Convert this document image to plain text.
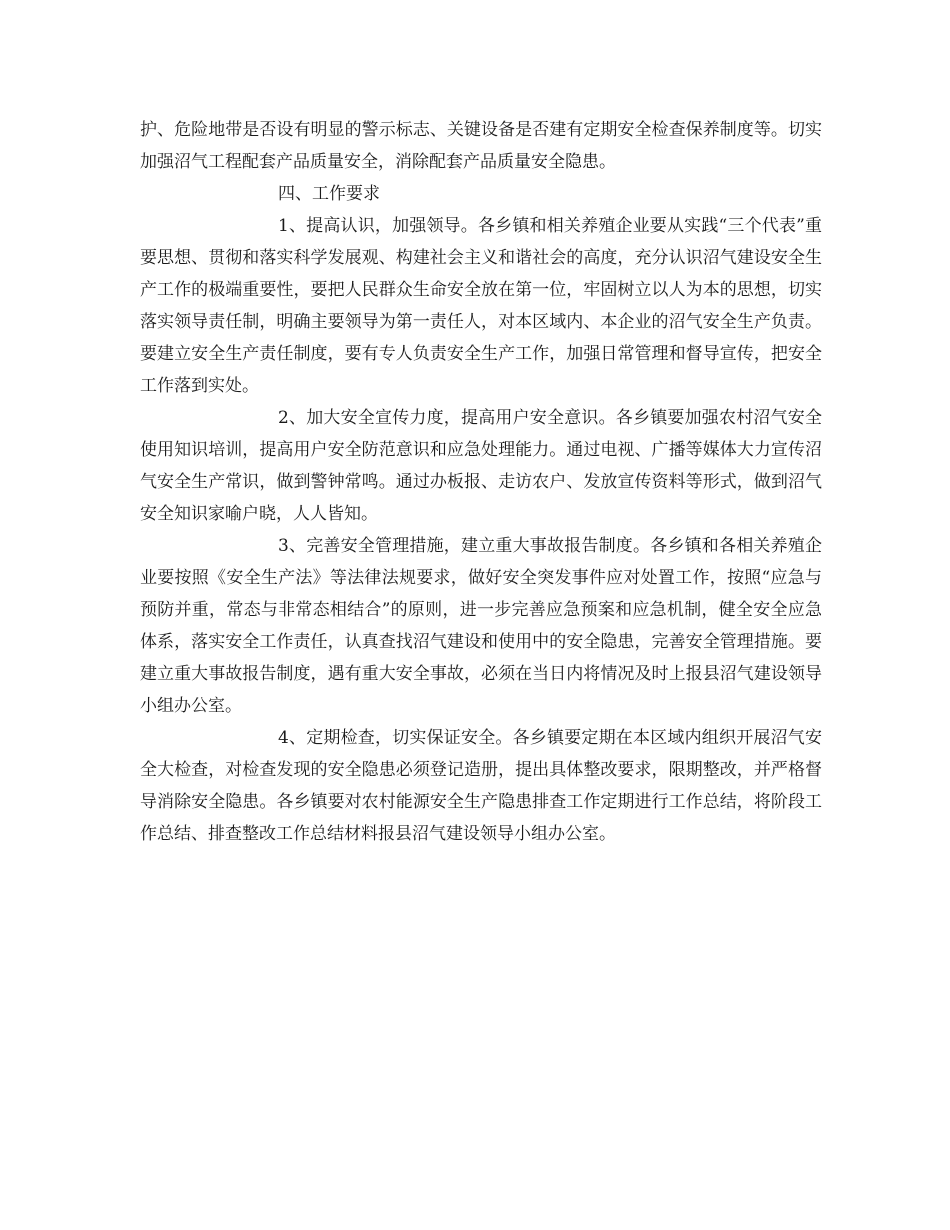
护、危险地带是否设有明显的警示标志、关键设备是否建有定期安全检查保养制度等。切实加强沼气工程配套产品质量安全，消除配套产品质量安全隐患。

四、工作要求

1、提高认识，加强领导。各乡镇和相关养殖企业要从实践“三个代表”重要思想、贯彻和落实科学发展观、构建社会主义和谐社会的高度，充分认识沼气建设安全生产工作的极端重要性，要把人民群众生命安全放在第一位，牢固树立以人为本的思想，切实落实领导责任制，明确主要领导为第一责任人，对本区域内、本企业的沼气安全生产负责。要建立安全生产责任制度，要有专人负责安全生产工作，加强日常管理和督导宣传，把安全工作落到实处。

2、加大安全宣传力度，提高用户安全意识。各乡镇要加强农村沼气安全使用知识培训，提高用户安全防范意识和应急处理能力。通过电视、广播等媒体大力宣传沼气安全生产常识，做到警钟常鸣。通过办板报、走访农户、发放宣传资料等形式，做到沼气安全知识家喻户晓，人人皆知。

3、完善安全管理措施，建立重大事故报告制度。各乡镇和各相关养殖企业要按照《安全生产法》等法律法规要求，做好安全突发事件应对处置工作，按照“应急与预防并重，常态与非常态相结合”的原则，进一步完善应急预案和应急机制，健全安全应急体系，落实安全工作责任，认真查找沼气建设和使用中的安全隐患，完善安全管理措施。要建立重大事故报告制度，遇有重大安全事故，必须在当日内将情况及时上报县沼气建设领导小组办公室。

4、定期检查，切实保证安全。各乡镇要定期在本区域内组织开展沼气安全大检查，对检查发现的安全隐患必须登记造册，提出具体整改要求，限期整改，并严格督导消除安全隐患。各乡镇要对农村能源安全生产隐患排查工作定期进行工作总结，将阶段工作总结、排查整改工作总结材料报县沼气建设领导小组办公室。
